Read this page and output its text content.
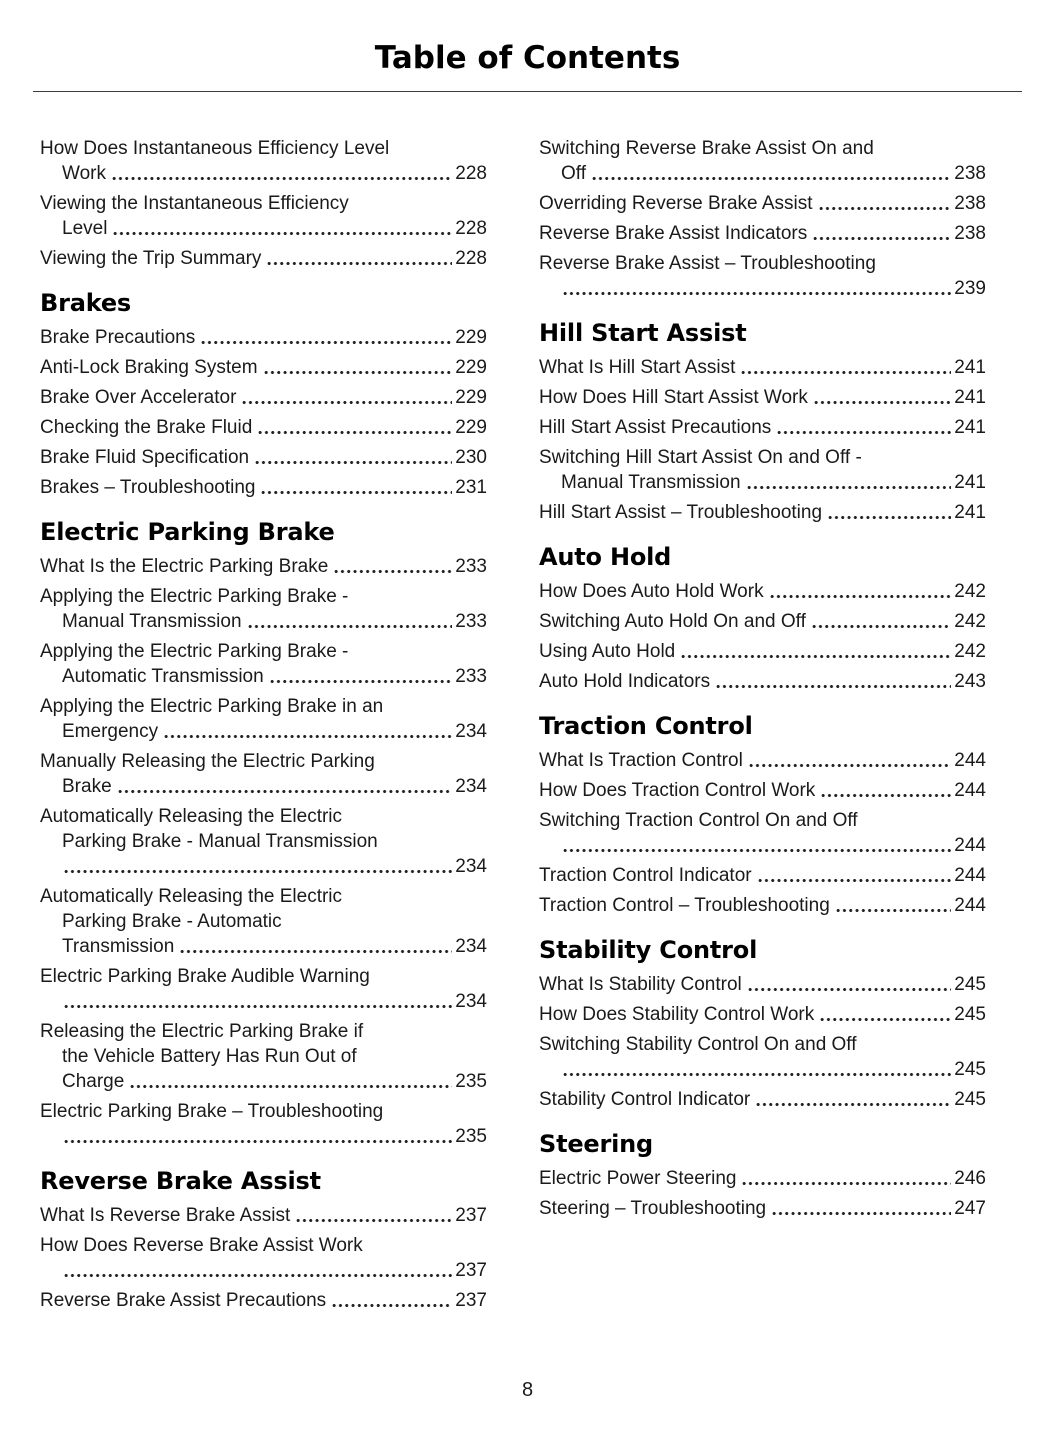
Table of Contents
How Does Instantaneous Efficiency Level
Work	228
Viewing the Instantaneous Efficiency
Level	228
Viewing the Trip Summary	228
Brakes
Brake Precautions	229
Anti-Lock Braking System	229
Brake Over Accelerator	229
Checking the Brake Fluid	229
Brake Fluid Specification	230
Brakes – Troubleshooting	231
Electric Parking Brake
What Is the Electric Parking Brake	233
Applying the Electric Parking Brake -
Manual Transmission	233
Applying the Electric Parking Brake -
Automatic Transmission	233
Applying the Electric Parking Brake in an
Emergency	234
Manually Releasing the Electric Parking
Brake	234
Automatically Releasing the Electric
Parking Brake - Manual Transmission
234
Automatically Releasing the Electric
Parking Brake - Automatic
Transmission	234
Electric Parking Brake Audible Warning
234
Releasing the Electric Parking Brake if
the Vehicle Battery Has Run Out of
Charge	235
Electric Parking Brake – Troubleshooting
235
Reverse Brake Assist
What Is Reverse Brake Assist	237
How Does Reverse Brake Assist Work
237
Reverse Brake Assist Precautions	237
Switching Reverse Brake Assist On and
Off	238
Overriding Reverse Brake Assist	238
Reverse Brake Assist Indicators	238
Reverse Brake Assist – Troubleshooting
239
Hill Start Assist
What Is Hill Start Assist	241
How Does Hill Start Assist Work	241
Hill Start Assist Precautions	241
Switching Hill Start Assist On and Off -
Manual Transmission	241
Hill Start Assist – Troubleshooting	241
Auto Hold
How Does Auto Hold Work	242
Switching Auto Hold On and Off	242
Using Auto Hold	242
Auto Hold Indicators	243
Traction Control
What Is Traction Control	244
How Does Traction Control Work	244
Switching Traction Control On and Off
244
Traction Control Indicator	244
Traction Control – Troubleshooting	244
Stability Control
What Is Stability Control	245
How Does Stability Control Work	245
Switching Stability Control On and Off
245
Stability Control Indicator	245
Steering
Electric Power Steering	246
Steering – Troubleshooting	247
8
